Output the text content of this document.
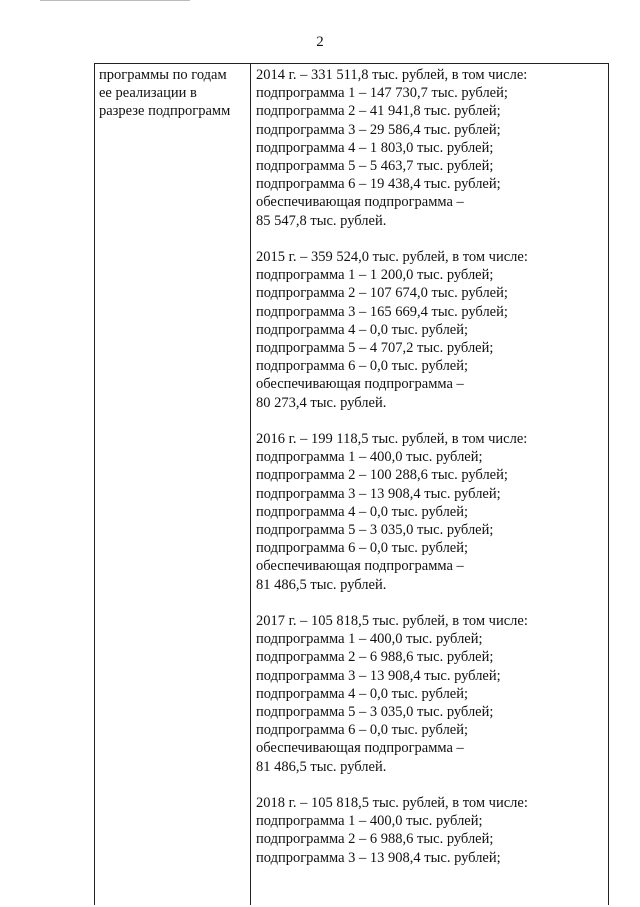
2
программы по годам
ее реализации в
разрезе подпрограмм
2014 г. – 331 511,8 тыс. рублей, в том числе:
подпрограмма 1 – 147 730,7 тыс. рублей;
подпрограмма 2 – 41 941,8 тыс. рублей;
подпрограмма 3 – 29 586,4 тыс. рублей;
подпрограмма 4 – 1 803,0 тыс. рублей;
подпрограмма 5 – 5 463,7 тыс. рублей;
подпрограмма 6 – 19 438,4 тыс. рублей;
обеспечивающая подпрограмма –
85 547,8 тыс. рублей.
2015 г. – 359 524,0 тыс. рублей, в том числе:
подпрограмма 1 – 1 200,0 тыс. рублей;
подпрограмма 2 – 107 674,0 тыс. рублей;
подпрограмма 3 – 165 669,4 тыс. рублей;
подпрограмма 4 – 0,0 тыс. рублей;
подпрограмма 5 – 4 707,2 тыс. рублей;
подпрограмма 6 – 0,0 тыс. рублей;
обеспечивающая подпрограмма –
80 273,4 тыс. рублей.
2016 г. – 199 118,5 тыс. рублей, в том числе:
подпрограмма 1 – 400,0 тыс. рублей;
подпрограмма 2 – 100 288,6 тыс. рублей;
подпрограмма 3 – 13 908,4 тыс. рублей;
подпрограмма 4 – 0,0 тыс. рублей;
подпрограмма 5 – 3 035,0 тыс. рублей;
подпрограмма 6 – 0,0 тыс. рублей;
обеспечивающая подпрограмма –
81 486,5 тыс. рублей.
2017 г. – 105 818,5 тыс. рублей, в том числе:
подпрограмма 1 – 400,0 тыс. рублей;
подпрограмма 2 – 6 988,6 тыс. рублей;
подпрограмма 3 – 13 908,4 тыс. рублей;
подпрограмма 4 – 0,0 тыс. рублей;
подпрограмма 5 – 3 035,0 тыс. рублей;
подпрограмма 6 – 0,0 тыс. рублей;
обеспечивающая подпрограмма –
81 486,5 тыс. рублей.
2018 г. – 105 818,5 тыс. рублей, в том числе:
подпрограмма 1 – 400,0 тыс. рублей;
подпрограмма 2 – 6 988,6 тыс. рублей;
подпрограмма 3 – 13 908,4 тыс. рублей;
